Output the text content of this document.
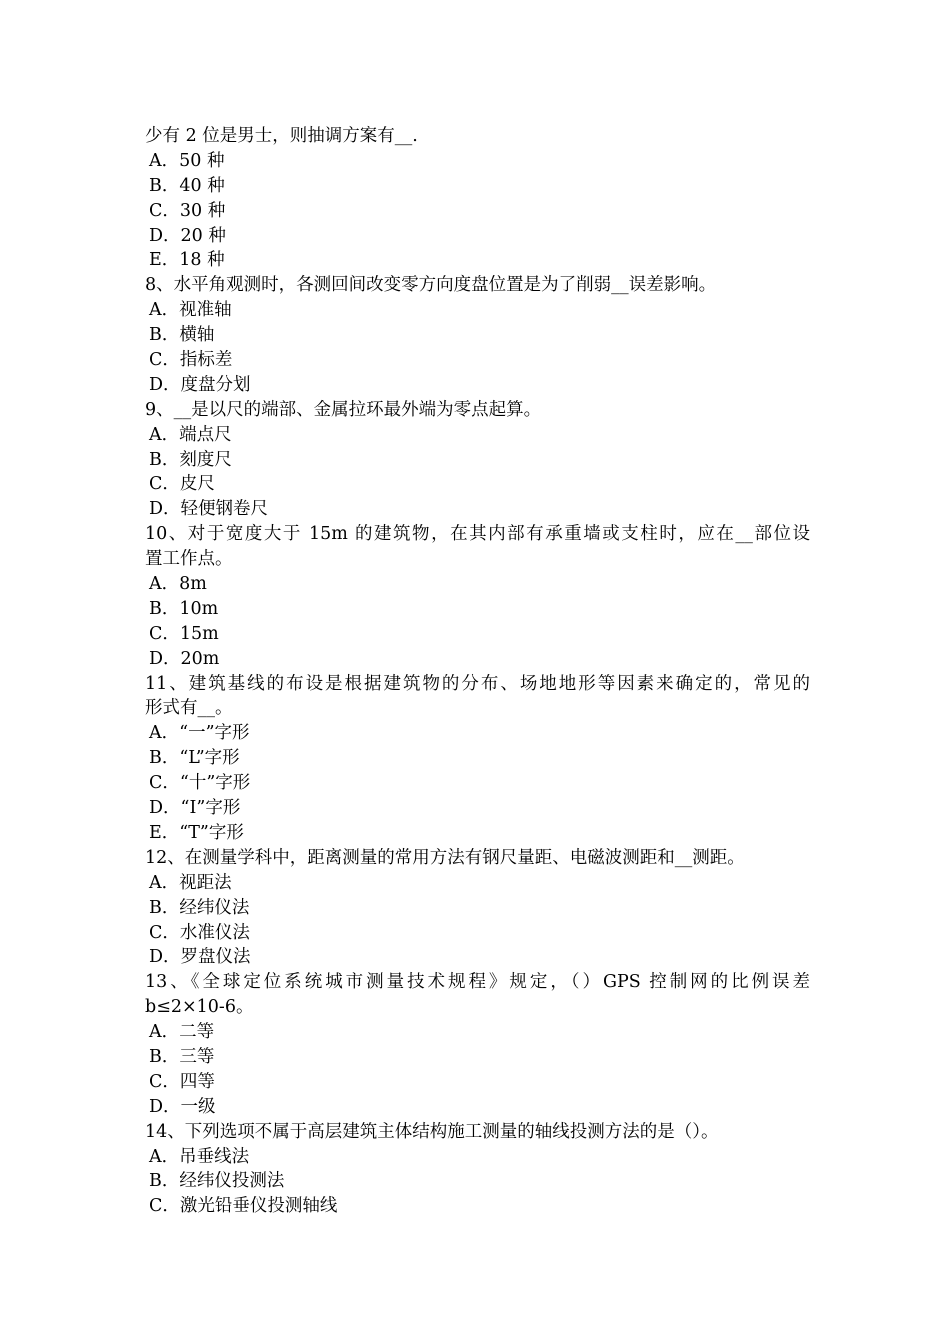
少有 2 位是男士，则抽调方案有__.
A．50 种
B．40 种
C．30 种
D．20 种
E．18 种
8、水平角观测时，各测回间改变零方向度盘位置是为了削弱__误差影响。
A．视准轴
B．横轴
C．指标差
D．度盘分划
9、__是以尺的端部、金属拉环最外端为零点起算。
A．端点尺
B．刻度尺
C．皮尺
D．轻便钢卷尺
10、对于宽度大于 15m 的建筑物，在其内部有承重墙或支柱时，应在__部位设
置工作点。
A．8m
B．10m
C．15m
D．20m
11、建筑基线的布设是根据建筑物的分布、场地地形等因素来确定的，常见的
形式有__。
A．“一”字形
B．“L”字形
C．“十”字形
D．“I”字形
E．“T”字形
12、在测量学科中，距离测量的常用方法有钢尺量距、电磁波测距和__测距。
A．视距法
B．经纬仪法
C．水准仪法
D．罗盘仪法
13、《全球定位系统城市测量技术规程》规定，（）GPS 控制网的比例误差
b≤2×10-6。
A．二等
B．三等
C．四等
D．一级
14、下列选项不属于高层建筑主体结构施工测量的轴线投测方法的是（）。
A．吊垂线法
B．经纬仪投测法
C．激光铅垂仪投测轴线
